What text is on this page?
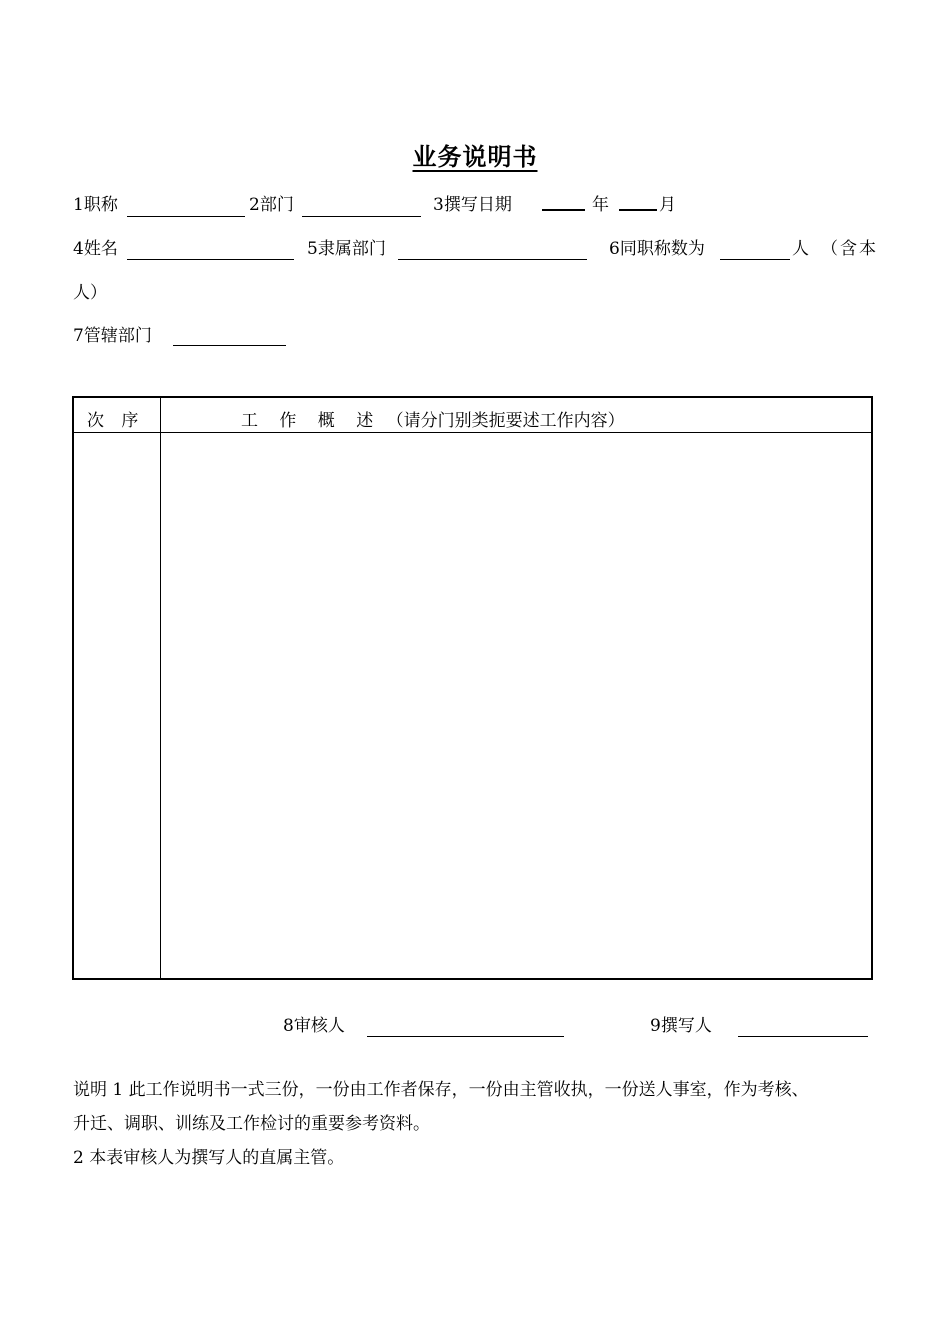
业务说明书
1职称	2部门	3撰写日期	年	月
4姓名	5隶属部门	6同职称数为	人 （含本
人）
7管辖部门
次 序	工 作 概 述 （请分门别类扼要述工作内容）
8审核人	9撰写人
说明 1 此工作说明书一式三份，一份由工作者保存，一份由主管收执，一份送人事室，作为考核、
升迁、调职、训练及工作检讨的重要参考资料。
2 本表审核人为撰写人的直属主管。
